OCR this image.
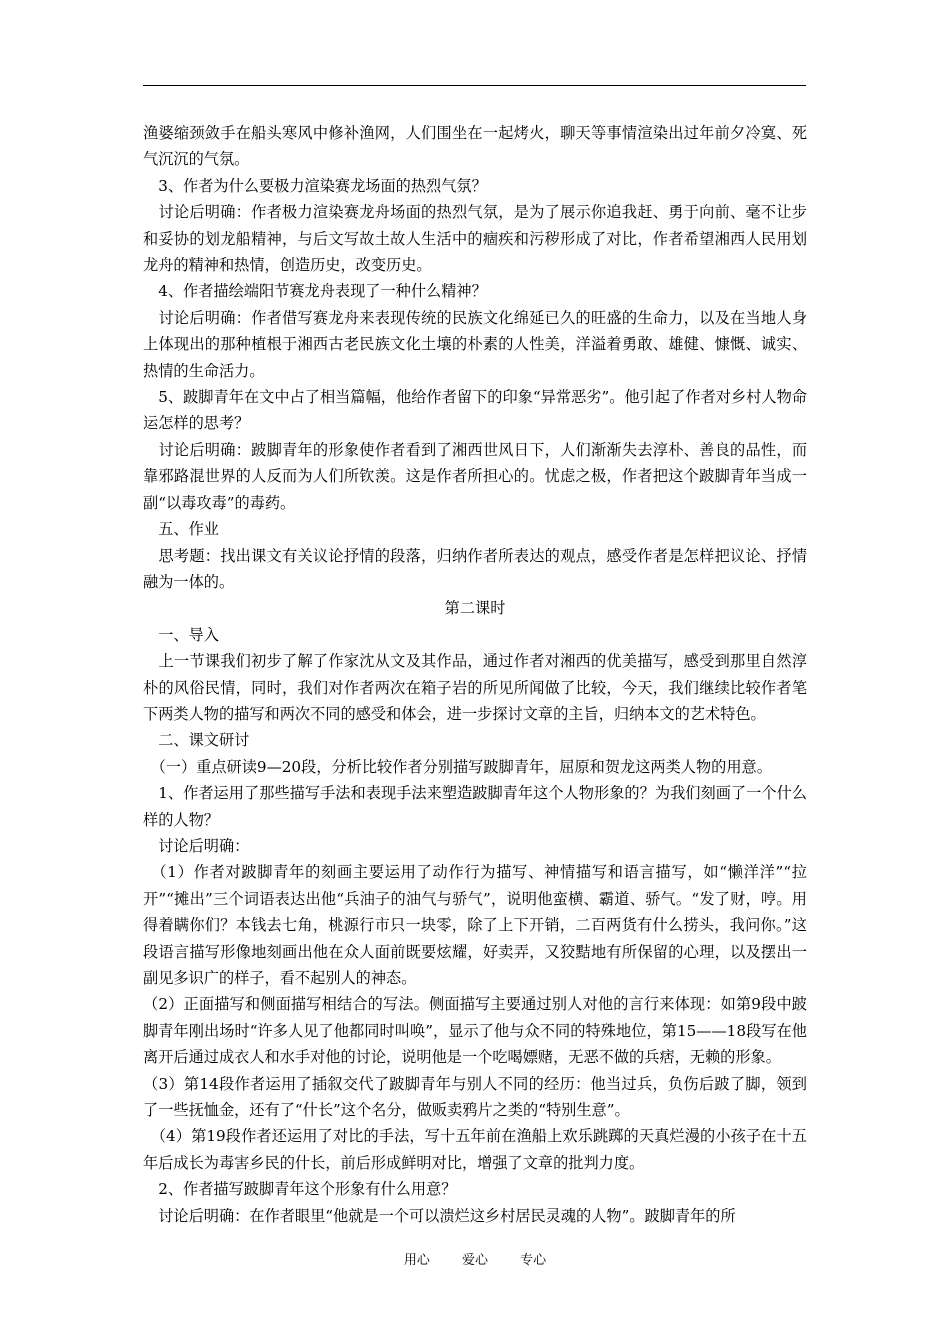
渔婆缩颈敛手在船头寒风中修补渔网，人们围坐在一起烤火，聊天等事情渲染出过年前夕冷寞、死气沉沉的气氛。

　3、作者为什么要极力渲染赛龙场面的热烈气氛？

　讨论后明确：作者极力渲染赛龙舟场面的热烈气氛，是为了展示你追我赶、勇于向前、毫不让步和妥协的划龙船精神，与后文写故土故人生活中的痼疾和污秽形成了对比，作者希望湘西人民用划龙舟的精神和热情，创造历史，改变历史。

　4、作者描绘端阳节赛龙舟表现了一种什么精神？

　讨论后明确：作者借写赛龙舟来表现传统的民族文化绵延已久的旺盛的生命力，以及在当地人身上体现出的那种植根于湘西古老民族文化土壤的朴素的人性美，洋溢着勇敢、雄健、慷慨、诚实、热情的生命活力。

　5、跛脚青年在文中占了相当篇幅，他给作者留下的印象“异常恶劣”。他引起了作者对乡村人物命运怎样的思考？

　讨论后明确：跛脚青年的形象使作者看到了湘西世风日下，人们渐渐失去淳朴、善良的品性，而靠邪路混世界的人反而为人们所钦羡。这是作者所担心的。忧虑之极，作者把这个跛脚青年当成一副“以毒攻毒”的毒药。

　五、作业

　思考题：找出课文有关议论抒情的段落，归纳作者所表达的观点，感受作者是怎样把议论、抒情融为一体的。

第二课时

　一、导入

　上一节课我们初步了解了作家沈从文及其作品，通过作者对湘西的优美描写，感受到那里自然淳朴的风俗民情，同时，我们对作者两次在箱子岩的所见所闻做了比较，今天，我们继续比较作者笔下两类人物的描写和两次不同的感受和体会，进一步探讨文章的主旨，归纳本文的艺术特色。

　二、课文研讨

　（一）重点研读9—20段，分析比较作者分别描写跛脚青年，屈原和贺龙这两类人物的用意。

　1、作者运用了那些描写手法和表现手法来塑造跛脚青年这个人物形象的？为我们刻画了一个什么样的人物？

　讨论后明确：

　（1）作者对跛脚青年的刻画主要运用了动作行为描写、神情描写和语言描写，如“懒洋洋”“拉开”“摊出”三个词语表达出他“兵油子的油气与骄气”，说明他蛮横、霸道、骄气。“发了财，哼。用得着瞒你们？本钱去七角，桃源行市只一块零，除了上下开销，二百两货有什么捞头，我问你。”这段语言描写形像地刻画出他在众人面前既要炫耀，好卖弄，又狡黠地有所保留的心理，以及摆出一副见多识广的样子，看不起别人的神态。

（2）正面描写和侧面描写相结合的写法。侧面描写主要通过别人对他的言行来体现：如第9段中跛脚青年刚出场时“许多人见了他都同时叫唤”，显示了他与众不同的特殊地位，第15——18段写在他离开后通过成衣人和水手对他的讨论，说明他是一个吃喝嫖赌，无恶不做的兵痞，无赖的形象。

（3）第14段作者运用了插叙交代了跛脚青年与别人不同的经历：他当过兵，负伤后跛了脚，领到了一些抚恤金，还有了“什长”这个名分，做贩卖鸦片之类的“特别生意”。

　（4）第19段作者还运用了对比的手法，写十五年前在渔船上欢乐跳踯的天真烂漫的小孩子在十五年后成长为毒害乡民的什长，前后形成鲜明对比，增强了文章的批判力度。

　2、作者描写跛脚青年这个形象有什么用意？

　讨论后明确：在作者眼里“他就是一个可以溃烂这乡村居民灵魂的人物”。跛脚青年的所

用心 爱心 专心
